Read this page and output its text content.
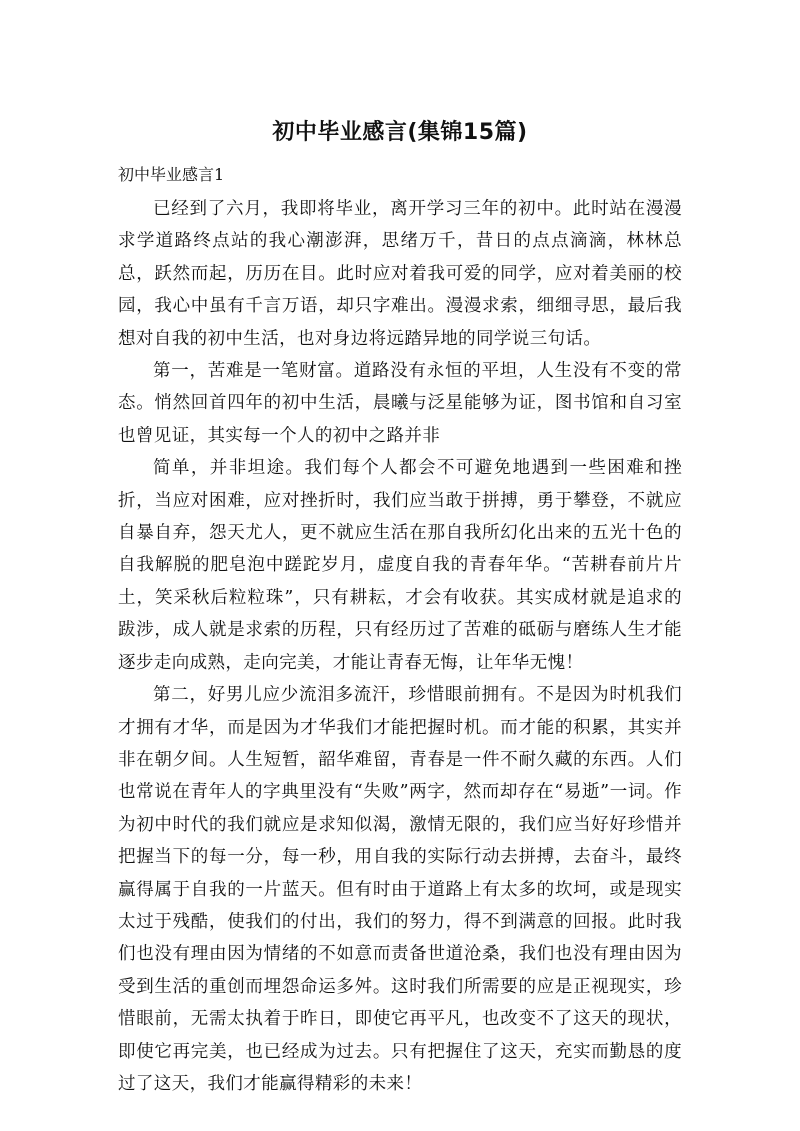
初中毕业感言(集锦15篇)
初中毕业感言1

已经到了六月，我即将毕业，离开学习三年的初中。此时站在漫漫求学道路终点站的我心潮澎湃，思绪万千，昔日的点点滴滴，林林总总，跃然而起，历历在目。此时应对着我可爱的同学，应对着美丽的校园，我心中虽有千言万语，却只字难出。漫漫求索，细细寻思，最后我想对自我的初中生活，也对身边将远踏异地的同学说三句话。

第一，苦难是一笔财富。道路没有永恒的平坦，人生没有不变的常态。悄然回首四年的初中生活，晨曦与泛星能够为证，图书馆和自习室也曾见证，其实每一个人的初中之路并非

简单，并非坦途。我们每个人都会不可避免地遇到一些困难和挫折，当应对困难，应对挫折时，我们应当敢于拼搏，勇于攀登，不就应自暴自弃，怨天尤人，更不就应生活在那自我所幻化出来的五光十色的自我解脱的肥皂泡中蹉跎岁月，虚度自我的青春年华。“苦耕春前片片土，笑采秋后粒粒珠”，只有耕耘，才会有收获。其实成材就是追求的跋涉，成人就是求索的历程，只有经历过了苦难的砥砺与磨练人生才能逐步走向成熟，走向完美，才能让青春无悔，让年华无愧！

第二，好男儿应少流泪多流汗，珍惜眼前拥有。不是因为时机我们才拥有才华，而是因为才华我们才能把握时机。而才能的积累，其实并非在朝夕间。人生短暂，韶华难留，青春是一件不耐久藏的东西。人们也常说在青年人的字典里没有“失败”两字，然而却存在“易逝”一词。作为初中时代的我们就应是求知似渴，激情无限的，我们应当好好珍惜并把握当下的每一分，每一秒，用自我的实际行动去拼搏，去奋斗，最终赢得属于自我的一片蓝天。但有时由于道路上有太多的坎坷，或是现实太过于残酷，使我们的付出，我们的努力，得不到满意的回报。此时我们也没有理由因为情绪的不如意而责备世道沧桑，我们也没有理由因为受到生活的重创而埋怨命运多舛。这时我们所需要的应是正视现实，珍惜眼前，无需太执着于昨日，即使它再平凡，也改变不了这天的现状，即使它再完美，也已经成为过去。只有把握住了这天，充实而勤恳的度过了这天，我们才能赢得精彩的未来！
